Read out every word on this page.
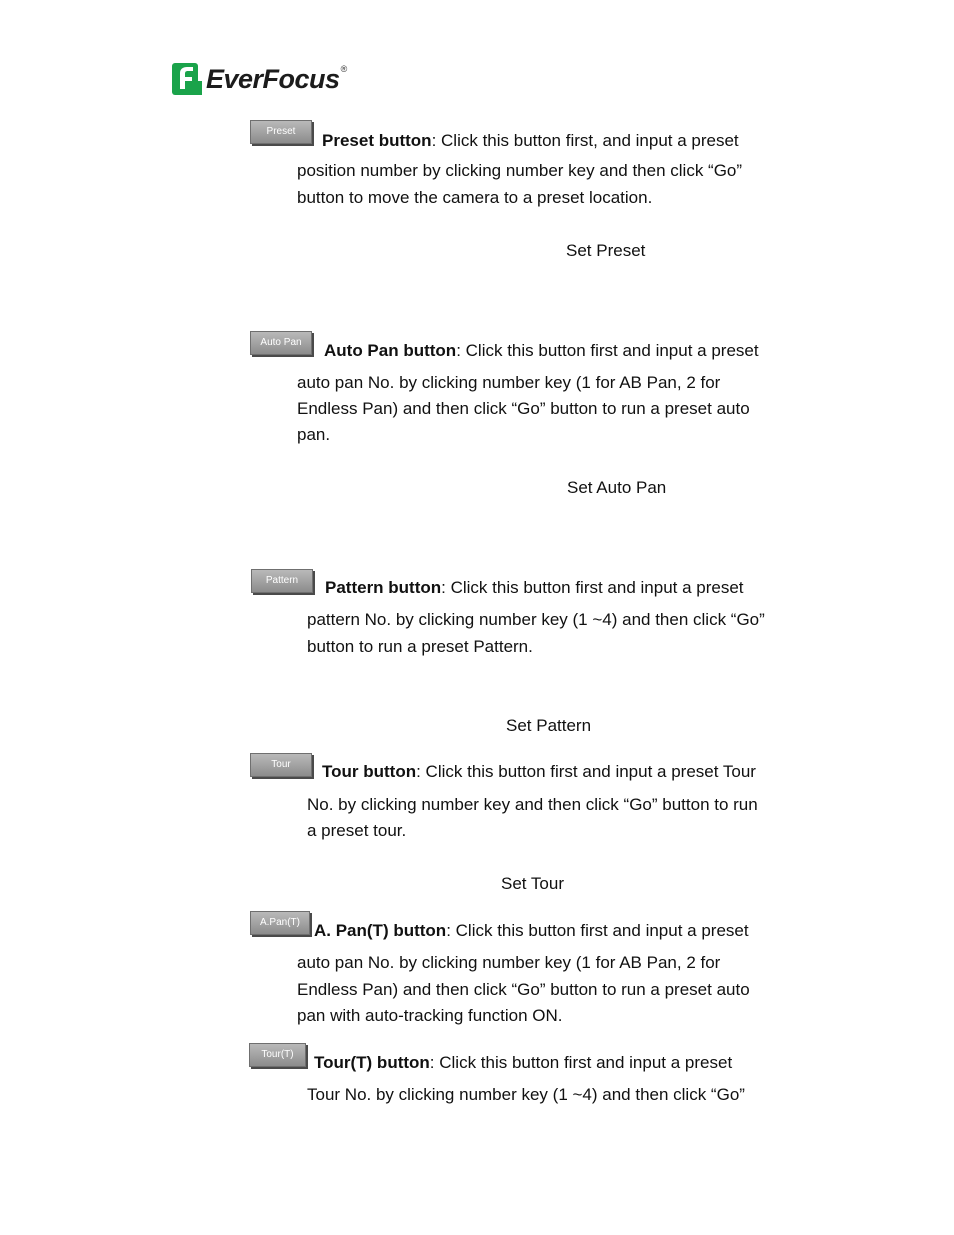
EverFocus ®
Preset	Preset button: Click this button first, and input a preset
position number by clicking number key and then click “Go”
button to move the camera to a preset location.
Set Preset
Auto Pan	Auto Pan button: Click this button first and input a preset
auto pan No. by clicking number key (1 for AB Pan, 2 for
Endless Pan) and then click “Go” button to run a preset auto
pan.
Set Auto Pan
Pattern	Pattern button: Click this button first and input a preset
pattern No. by clicking number key (1 ~4) and then click “Go”
button to run a preset Pattern.
Set Pattern
Tour	Tour button: Click this button first and input a preset Tour
No. by clicking number key and then click “Go” button to run
a preset tour.
Set Tour
A.Pan(T) A. Pan(T) button: Click this button first and input a preset
auto pan No. by clicking number key (1 for AB Pan, 2 for
Endless Pan) and then click “Go” button to run a preset auto
pan with auto-tracking function ON.
Tour(T)	Tour(T) button: Click this button first and input a preset
Tour No. by clicking number key (1 ~4) and then click “Go”
